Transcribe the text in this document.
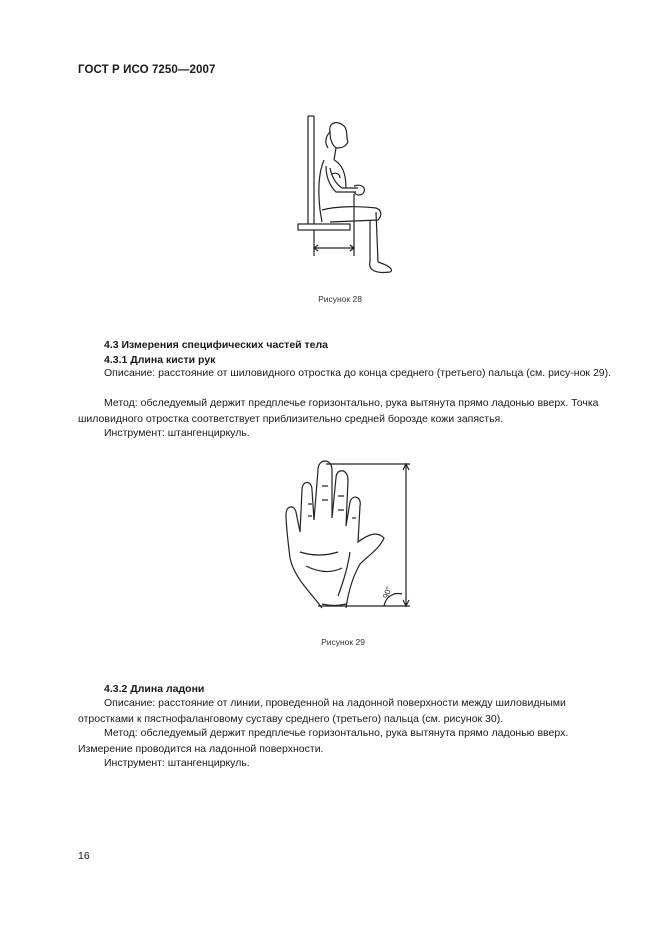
ГОСТ Р ИСО 7250—2007
Рисунок 28
4.3 Измерения специфических частей тела
4.3.1 Длина кисти рук
Описание: расстояние от шиловидного отростка до конца среднего (третьего) пальца (см. рису-нок 29).
Метод: обследуемый держит предплечье горизонтально, рука вытянута прямо ладонью вверх. Точка шиловидного отростка соответствует приблизительно средней борозде кожи запястья.
Инструмент: штангенциркуль.
90°
Рисунок 29
4.3.2 Длина ладони
Описание: расстояние от линии, проведенной на ладонной поверхности между шиловидными отростками к пястнофаланговому суставу среднего (третьего) пальца (см. рисунок 30).
Метод: обследуемый держит предплечье горизонтально, рука вытянута прямо ладонью вверх. Измерение проводится на ладонной поверхности.
Инструмент: штангенциркуль.
16
